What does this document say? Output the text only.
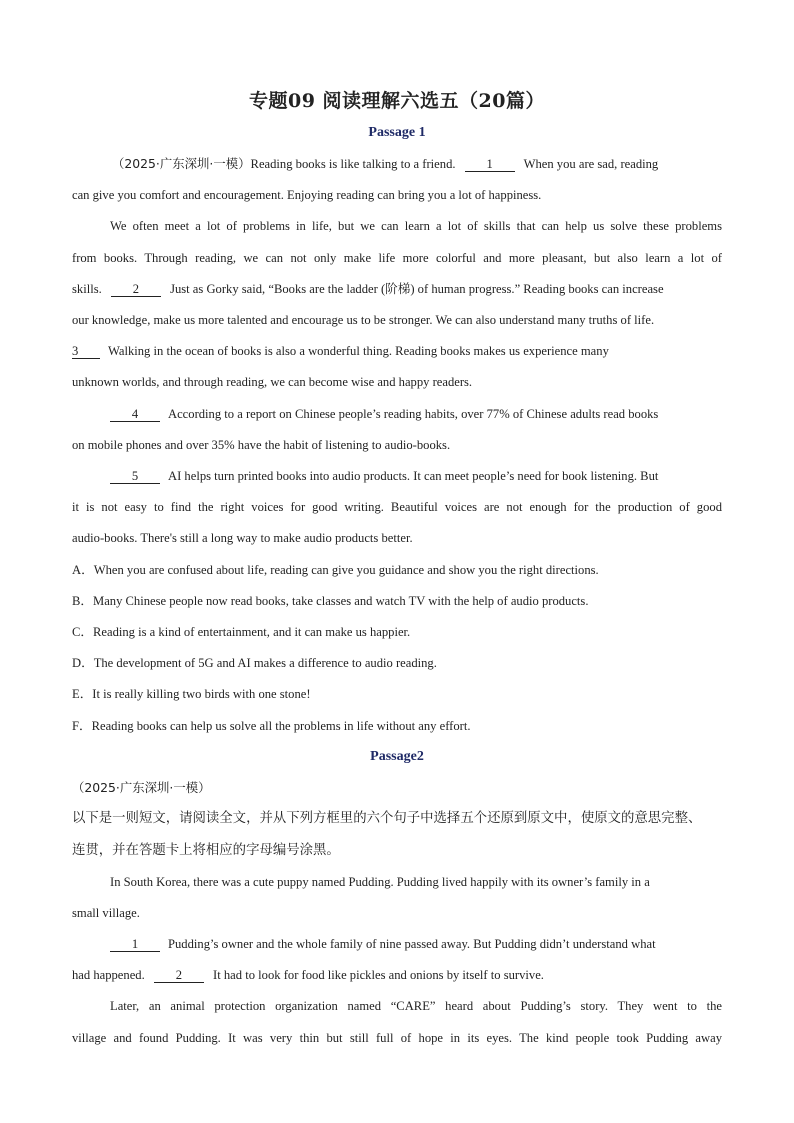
专题09 阅读理解六选五（20篇）
Passage 1
（2025·广东深圳·一模）Reading books is like talking to a friend. 1 When you are sad, reading
can give you comfort and encouragement. Enjoying reading can bring you a lot of happiness.
We often meet a lot of problems in life, but we can learn a lot of skills that can help us solve these problems
from books. Through reading, we can not only make life more colorful and more pleasant, but also learn a lot of
skills. 2 Just as Gorky said, “Books are the ladder (阶梯) of human progress.” Reading books can increase
our knowledge, make us more talented and encourage us to be stronger. We can also understand many truths of life.
3 Walking in the ocean of books is also a wonderful thing. Reading books makes us experience many
unknown worlds, and through reading, we can become wise and happy readers.
4 According to a report on Chinese people’s reading habits, over 77% of Chinese adults read books
on mobile phones and over 35% have the habit of listening to audio-books.
5 AI helps turn printed books into audio products. It can meet people’s need for book listening. But
it is not easy to find the right voices for good writing. Beautiful voices are not enough for the production of good
audio-books. There's still a long way to make audio products better.
A．When you are confused about life, reading can give you guidance and show you the right directions.
B．Many Chinese people now read books, take classes and watch TV with the help of audio products.
C．Reading is a kind of entertainment, and it can make us happier.
D．The development of 5G and AI makes a difference to audio reading.
E．It is really killing two birds with one stone!
F．Reading books can help us solve all the problems in life without any effort.
Passage2
（2025·广东深圳·一模）
以下是一则短文，请阅读全文，并从下列方框里的六个句子中选择五个还原到原文中，使原文的意思完整、
连贯，并在答题卡上将相应的字母编号涂黑。
In South Korea, there was a cute puppy named Pudding. Pudding lived happily with its owner’s family in a
small village.
1 Pudding’s owner and the whole family of nine passed away. But Pudding didn’t understand what
had happened. 2 It had to look for food like pickles and onions by itself to survive.
Later, an animal protection organization named “CARE” heard about Pudding’s story. They went to the
village and found Pudding. It was very thin but still full of hope in its eyes. The kind people took Pudding away
